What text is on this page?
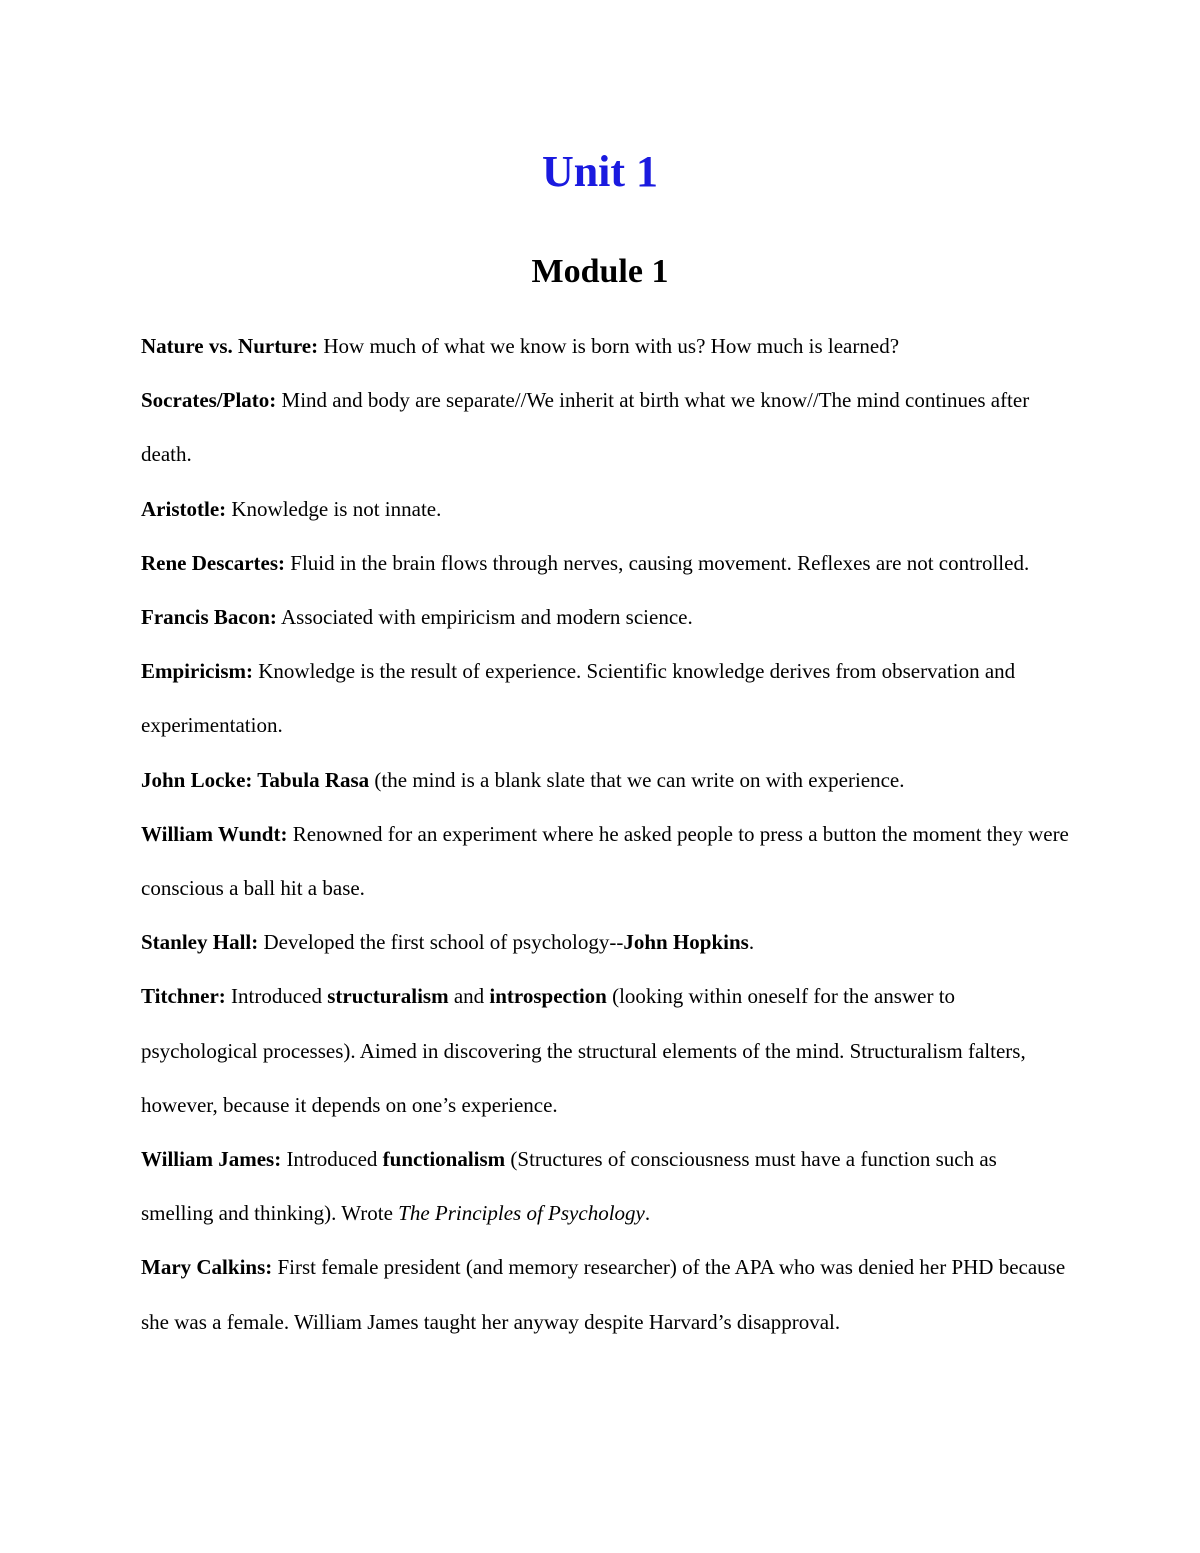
Unit 1
Module 1

Nature vs. Nurture: How much of what we know is born with us? How much is learned?

Socrates/Plato: Mind and body are separate//We inherit at birth what we know//The mind continues after death.

Aristotle: Knowledge is not innate.

Rene Descartes: Fluid in the brain flows through nerves, causing movement. Reflexes are not controlled.

Francis Bacon: Associated with empiricism and modern science.

Empiricism: Knowledge is the result of experience. Scientific knowledge derives from observation and experimentation.

John Locke: Tabula Rasa (the mind is a blank slate that we can write on with experience.

William Wundt: Renowned for an experiment where he asked people to press a button the moment they were conscious a ball hit a base.

Stanley Hall: Developed the first school of psychology--John Hopkins.

Titchner: Introduced structuralism and introspection (looking within oneself for the answer to psychological processes). Aimed in discovering the structural elements of the mind. Structuralism falters, however, because it depends on one’s experience.

William James: Introduced functionalism (Structures of consciousness must have a function such as smelling and thinking). Wrote The Principles of Psychology.

Mary Calkins: First female president (and memory researcher) of the APA who was denied her PHD because she was a female. William James taught her anyway despite Harvard’s disapproval.
